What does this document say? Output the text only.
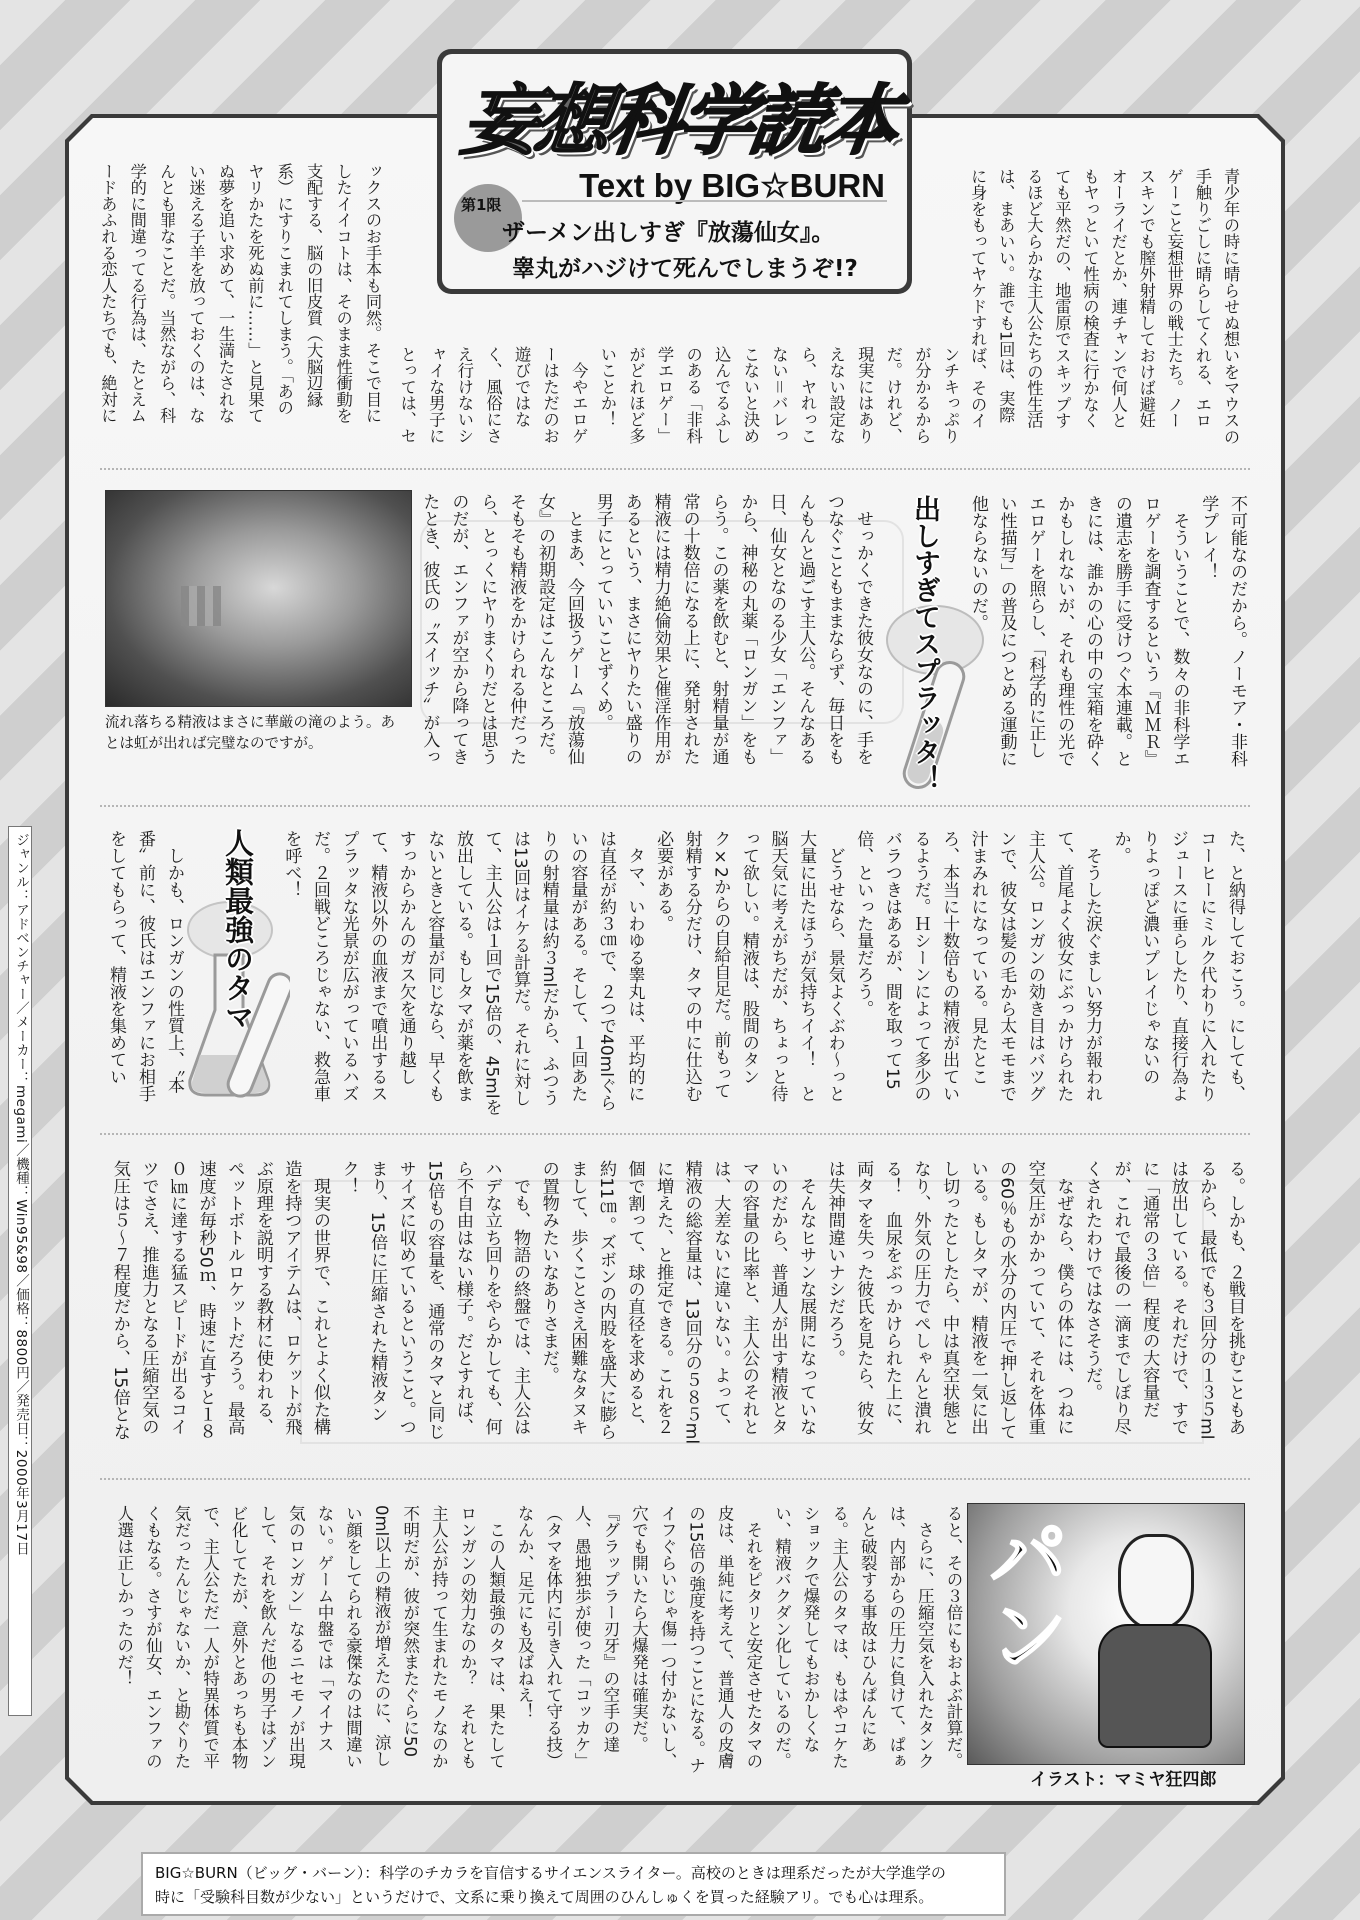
妄想科学読本
Text by BIG☆BURN
第1限
ザーメン出しすぎ『放蕩仙女』。
睾丸がハジけて死んでしまうぞ!?	青少年の時に晴らせぬ想いをマウスの
手触りごしに晴らしてくれる、エロ
ゲーこと妄想世界の戦士たち。ノー
スキンでも膣外射精しておけば避妊
オーライだとか、連チャンで何人と
もヤっといて性病の検査に行かなく
ても平然だの、地雷原でスキップす
るほど大らかな主人公たちの性生活
は、まあいい。誰でも1回は、実際
に身をもってヤケドすれば、そのイ
ンチキっぷり
が分かるから
だ。けれど、
現実にはあり
えない設定な
ら、ヤれっこ
ない＝バレっ
こないと決め
込んでるふし
のある「非科
学エロゲー」
がどれほど多
いことか！
　今やエロゲ
ーはただのお
遊びではな
く、風俗にさ
え行けないシ
ャイな男子に
とっては、セ
ックスのお手本も同然。そこで目に
したイイコトは、そのまま性衝動を
支配する、脳の旧皮質（大脳辺縁
系）にすりこまれてしまう。「あの
ヤリかたを死ぬ前に……」と見果て
ぬ夢を追い求めて、一生満たされな
い迷える子羊を放っておくのは、な
んとも罪なことだ。当然ながら、科
学的に間違ってる行為は、たとえム
ードあふれる恋人たちでも、絶対に
流れ落ちる精液はまさに華厳の滝のよう。あ
とは虹が出れば完璧なのですが。	不可能なのだから。ノーモア・非科
学プレイ！
　そういうことで、数々の非科学エ
ロゲーを調査するという『ＭＭＲ』
の遺志を勝手に受けつぐ本連載。と
きには、誰かの心の中の宝箱を砕く
かもしれないが、それも理性の光で
エロゲーを照らし、「科学的に正し
い性描写」の普及につとめる運動に
他ならないのだ。
出しすぎてスプラッタ！
　せっかくできた彼女なのに、手を
つなぐこともままならず、毎日をも
んもんと過ごす主人公。そんなある
日、仙女となのる少女「エンファ」
から、神秘の丸薬「ロンガン」をも
らう。この薬を飲むと、射精量が通
常の十数倍になる上に、発射された
精液には精力絶倫効果と催淫作用が
あるという、まさにヤりたい盛りの
男子にとっていいことずくめ。
　とまあ、今回扱うゲーム『放蕩仙
女』の初期設定はこんなところだ。
そもそも精液をかけられる仲だった
ら、とっくにヤりまくりだとは思う
のだが、エンファが空から降ってき
たとき、彼氏の〝スイッチ〟が入っ
た、と納得しておこう。にしても、
コーヒーにミルク代わりに入れたり
ジュースに垂らしたり、直接行為よ
りよっぽど濃いプレイじゃないの
か。
　そうした涙ぐましい努力が報われ
て、首尾よく彼女にぶっかけられた
主人公。ロンガンの効き目はバツグ
ンで、彼女は髪の毛から太モモまで
汁まみれになっている。見たとこ
ろ、本当に十数倍もの精液が出てい
るようだ。Ｈシーンによって多少の
バラつきはあるが、間を取って15
倍、といった量だろう。
　どうせなら、景気よくぶわ～っと
大量に出たほうが気持ちイイ！　と
脳天気に考えがちだが、ちょっと待
って欲しい。精液は、股間のタン
ク×2からの自給自足だ。前もって
射精する分だけ、タマの中に仕込む
必要がある。
　タマ、いわゆる睾丸は、平均的に
は直径が約３㎝で、２つで40mlぐら
いの容量がある。そして、１回あた
りの射精量は約３mlだから、ふつう
は13回はイケる計算だ。それに対し
て、主人公は１回で15倍の、45mlを
放出している。もしタマが薬を飲ま
ないときと容量が同じなら、早くも
すっからかんのガス欠を通り越し
て、精液以外の血液まで噴出するス
プラッタな光景が広がっているハズ
だ。２回戦どころじゃない、救急車
を呼べ！
人類最強のタマ
　しかも、ロンガンの性質上、〝本
番〟前に、彼氏はエンファにお相手
をしてもらって、精液を集めてい
る。しかも、２戦目を挑むこともあ
るから、最低でも３回分の１３５ml
は放出している。それだけで、すで
に「通常の３倍」程度の大容量だ
が、これで最後の一滴までしぼり尽
くされたわけではなさそうだ。
　なぜなら、僕らの体には、つねに
空気圧がかかっていて、それを体重
の60％もの水分の内圧で押し返して
いる。もしタマが、精液を一気に出
し切ったとしたら、中は真空状態と
なり、外気の圧力でぺしゃんと潰れ
る！　血尿をぶっかけられた上に、
両タマを失った彼氏を見たら、彼女
は失神間違いナシだろう。
　そんなヒサンな展開になっていな
いのだから、普通人が出す精液とタ
マの容量の比率と、主人公のそれと
は、大差ないに違いない。よって、
精液の総容量は、13回分の５８５ml
に増えた、と推定できる。これを２
個で割って、球の直径を求めると、
約11㎝。ズボンの内股を盛大に膨ら
まして、歩くことさえ困難なタヌキ
の置物みたいなありさまだ。
　でも、物語の終盤では、主人公は
ハデな立ち回りをやらかしても、何
ら不自由はない様子。だとすれば、
15倍もの容量を、通常のタマと同じ
サイズに収めているということ。つ
まり、15倍に圧縮された精液タン
ク！
　現実の世界で、これとよく似た構
造を持つアイテムは、ロケットが飛
ぶ原理を説明する教材に使われる、
ペットボトルロケットだろう。最高
速度が毎秒50ｍ、時速に直すと１８
０㎞に達する猛スピードが出るコイ
ツでさえ、推進力となる圧縮空気の
気圧は５～７程度だから、15倍とな
ると、その３倍にもおよぶ計算だ。
　さらに、圧縮空気を入れたタンク
は、内部からの圧力に負けて、ぱぁ
んと破裂する事故はひんぱんにあ
る。主人公のタマは、もはやコケた
ショックで爆発してもおかしくな
い、精液バクダン化しているのだ。
　それをピタリと安定させたタマの
皮は、単純に考えて、普通人の皮膚
の15倍の強度を持つことになる。ナ
イフぐらいじゃ傷一つ付かないし、
穴でも開いたら大爆発は確実だ。
『グラップラー刃牙』の空手の達
人、愚地独歩が使った「コッカケ」
（タマを体内に引き入れて守る技）
なんか、足元にも及ばねえ！
　この人類最強のタマは、果たして
ロンガンの効力なのか？　それとも
主人公が持って生まれたモノなのか
不明だが、彼が突然またぐらに50
0ml以上の精液が増えたのに、涼し
い顔をしてられる豪傑なのは間違い
ない。ゲーム中盤では「マイナス
気のロンガン」なるニセモノが出現
して、それを飲んだ他の男子はゾン
ビ化してたが、意外とあっちも本物
で、主人公ただ一人が特異体質で平
気だったんじゃないか、と勘ぐりた
くもなる。さすが仙女、エンファの
人選は正しかったのだ！	パン
イラスト：マミヤ狂四郎
ジャンル：アドベンチャー／メーカー：megami／機種：Win95&98／価格：8800円／発売日：2000年3月17日
BIG☆BURN（ビッグ・バーン）：科学のチカラを盲信するサイエンスライター。高校のときは理系だったが大学進学の
時に「受験科目数が少ない」というだけで、文系に乗り換えて周囲のひんしゅくを買った経験アリ。でも心は理系。
